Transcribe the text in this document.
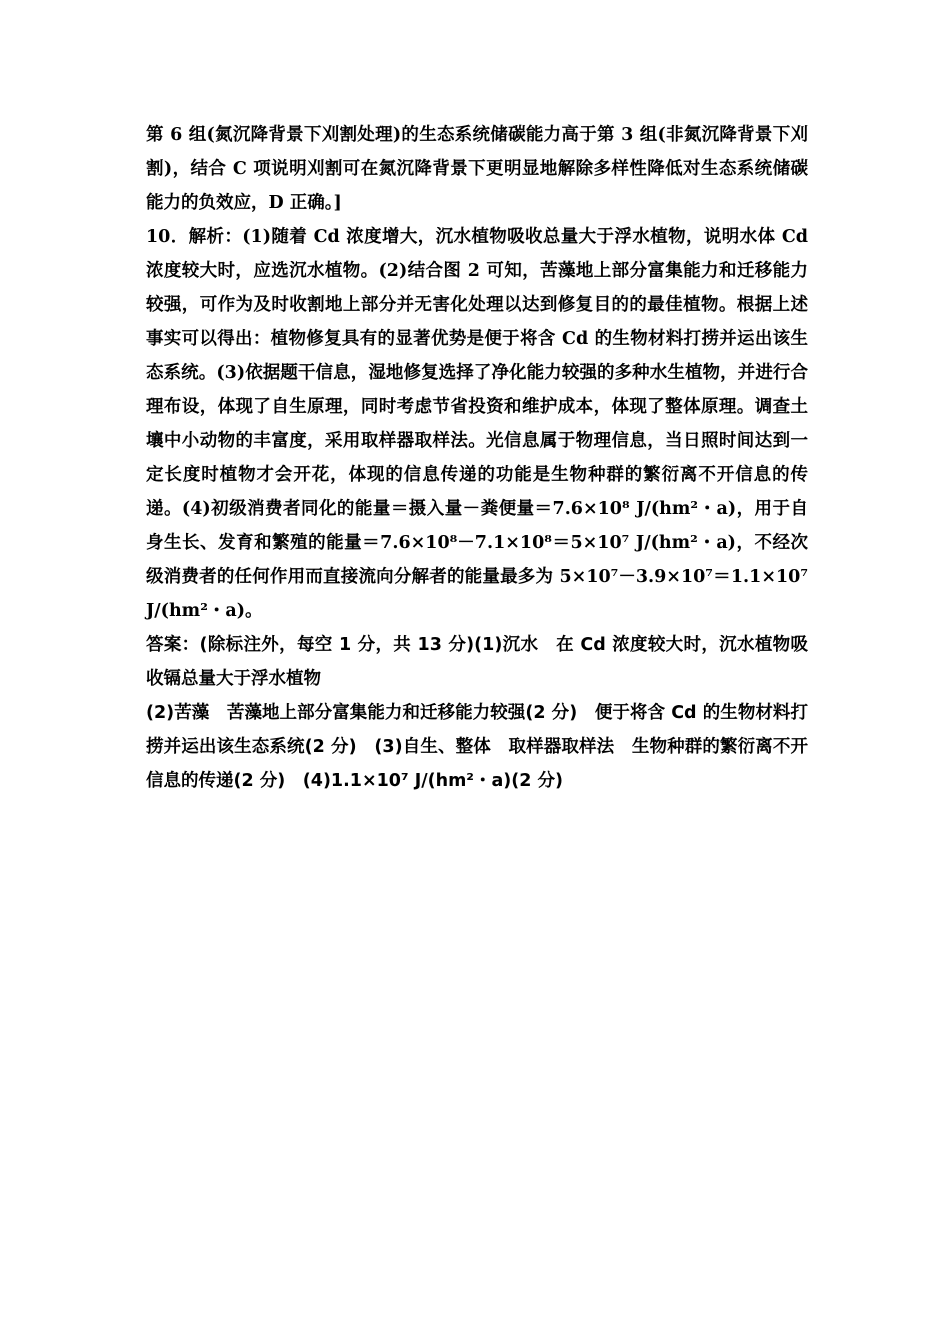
第 6 组(氮沉降背景下刈割处理)的生态系统储碳能力高于第 3 组(非氮沉降背景下刈割)，结合 C 项说明刈割可在氮沉降背景下更明显地解除多样性降低对生态系统储碳能力的负效应，D 正确。]

10．解析：(1)随着 Cd 浓度增大，沉水植物吸收总量大于浮水植物，说明水体 Cd 浓度较大时，应选沉水植物。(2)结合图 2 可知，苦藻地上部分富集能力和迁移能力较强，可作为及时收割地上部分并无害化处理以达到修复目的的最佳植物。根据上述事实可以得出：植物修复具有的显著优势是便于将含 Cd 的生物材料打捞并运出该生态系统。(3)依据题干信息，湿地修复选择了净化能力较强的多种水生植物，并进行合理布设，体现了自生原理，同时考虑节省投资和维护成本，体现了整体原理。调查土壤中小动物的丰富度，采用取样器取样法。光信息属于物理信息，当日照时间达到一定长度时植物才会开花，体现的信息传递的功能是生物种群的繁衍离不开信息的传递。(4)初级消费者同化的能量＝摄入量－粪便量＝7.6×10⁸ J/(hm²・a)，用于自身生长、发育和繁殖的能量＝7.6×10⁸－7.1×10⁸＝5×10⁷ J/(hm²・a)，不经次级消费者的任何作用而直接流向分解者的能量最多为 5×10⁷－3.9×10⁷＝1.1×10⁷ J/(hm²・a)。

答案：(除标注外，每空 1 分，共 13 分)(1)沉水　在 Cd 浓度较大时，沉水植物吸收镉总量大于浮水植物

(2)苦藻　苦藻地上部分富集能力和迁移能力较强(2 分)　便于将含 Cd 的生物材料打捞并运出该生态系统(2 分)　(3)自生、整体　取样器取样法　生物种群的繁衍离不开信息的传递(2 分)　(4)1.1×10⁷ J/(hm²・a)(2 分)
